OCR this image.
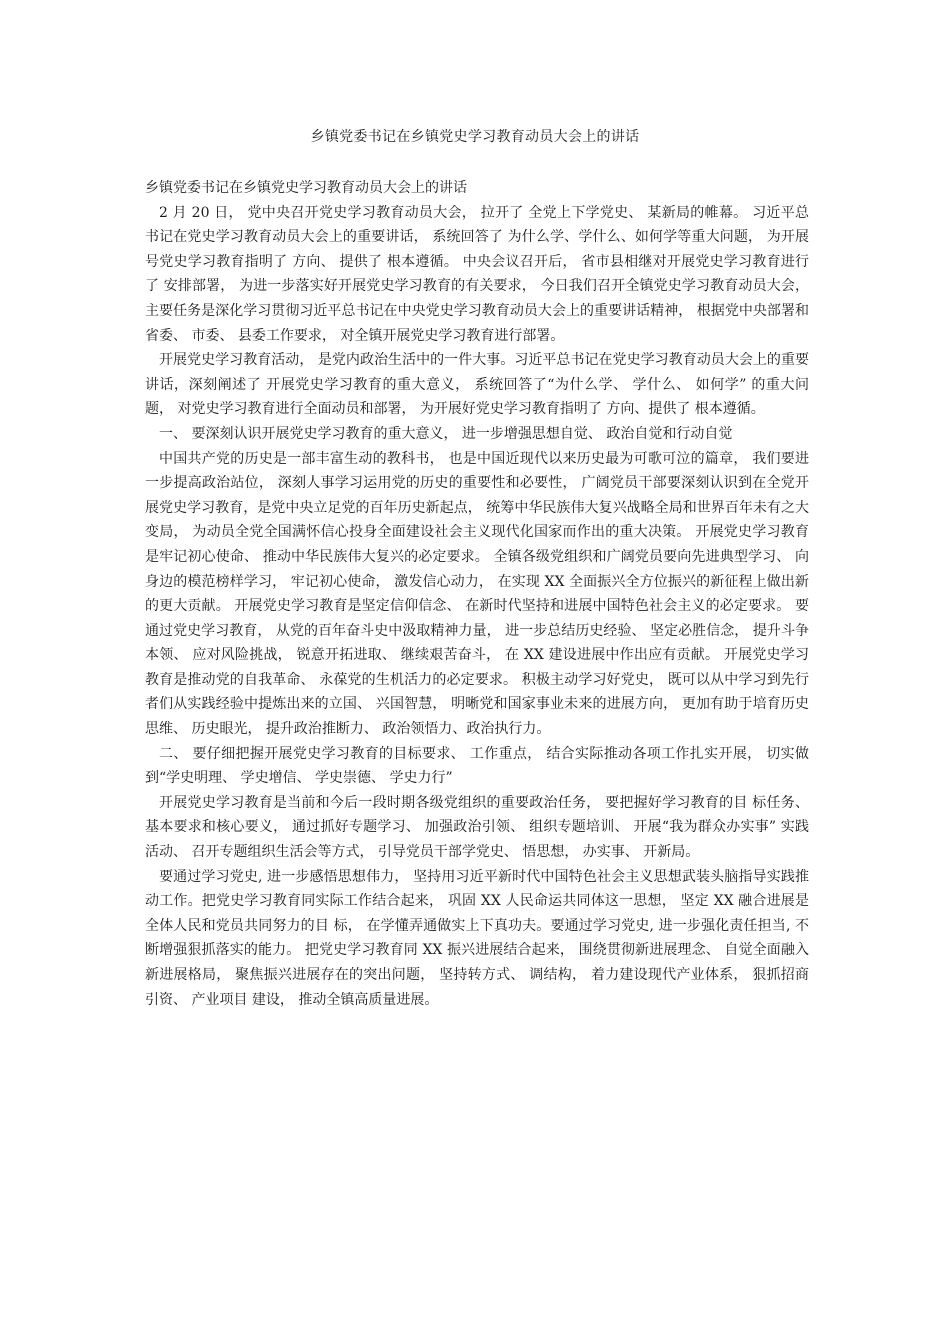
乡镇党委书记在乡镇党史学习教育动员大会上的讲话

乡镇党委书记在乡镇党史学习教育动员大会上的讲话

2 月 20 日， 党中央召开党史学习教育动员大会， 拉开了 全党上下学党史、 某新局的帷幕。 习近平总书记在党史学习教育动员大会上的重要讲话， 系统回答了 为什么学、学什么、如何学等重大问题， 为开展号党史学习教育指明了 方向、 提供了 根本遵循。 中央会议召开后， 省市县相继对开展党史学习教育进行了 安排部署， 为进一步落实好开展党史学习教育的有关要求， 今日我们召开全镇党史学习教育动员大会， 主要任务是深化学习贯彻习近平总书记在中央党史学习教育动员大会上的重要讲话精神， 根据党中央部署和省委、 市委、 县委工作要求， 对全镇开展党史学习教育进行部署。

开展党史学习教育活动， 是党内政治生活中的一件大事。习近平总书记在党史学习教育动员大会上的重要讲话，深刻阐述了 开展党史学习教育的重大意义， 系统回答了“为什么学、 学什么、 如何学” 的重大问题， 对党史学习教育进行全面动员和部署， 为开展好党史学习教育指明了 方向、提供了 根本遵循。

一、 要深刻认识开展党史学习教育的重大意义， 进一步增强思想自觉、 政治自觉和行动自觉

中国共产党的历史是一部丰富生动的教科书， 也是中国近现代以来历史最为可歌可泣的篇章， 我们要进一步提高政治站位， 深刻人事学习运用党的历史的重要性和必要性， 广阔党员干部要深刻认识到在全党开展党史学习教育，是党中央立足党的百年历史新起点， 统筹中华民族伟大复兴战略全局和世界百年未有之大变局， 为动员全党全国满怀信心投身全面建设社会主义现代化国家而作出的重大决策。 开展党史学习教育是牢记初心使命、 推动中华民族伟大复兴的必定要求。 全镇各级党组织和广阔党员要向先进典型学习、 向身边的模范榜样学习， 牢记初心使命， 激发信心动力， 在实现 XX 全面振兴全方位振兴的新征程上做出新的更大贡献。 开展党史学习教育是坚定信仰信念、 在新时代坚持和进展中国特色社会主义的必定要求。 要通过党史学习教育， 从党的百年奋斗史中汲取精神力量， 进一步总结历史经验、 坚定必胜信念， 提升斗争本领、 应对风险挑战， 锐意开拓进取、 继续艰苦奋斗， 在 XX 建设进展中作出应有贡献。 开展党史学习教育是推动党的自我革命、 永葆党的生机活力的必定要求。 积极主动学习好党史， 既可以从中学习到先行者们从实践经验中提炼出来的立国、 兴国智慧， 明晰党和国家事业未来的进展方向， 更加有助于培育历史思维、 历史眼光， 提升政治推断力、 政治领悟力、政治执行力。

二、 要仔细把握开展党史学习教育的目标要求、 工作重点， 结合实际推动各项工作扎实开展， 切实做到“学史明理、 学史增信、 学史崇德、 学史力行”

开展党史学习教育是当前和今后一段时期各级党组织的重要政治任务， 要把握好学习教育的目 标任务、 基本要求和核心要义， 通过抓好专题学习、 加强政治引领、 组织专题培训、 开展“我为群众办实事” 实践活动、 召开专题组织生活会等方式， 引导党员干部学党史、 悟思想， 办实事、 开新局。

要通过学习党史, 进一步感悟思想伟力， 坚持用习近平新时代中国特色社会主义思想武装头脑指导实践推动工作。把党史学习教育同实际工作结合起来， 巩固 XX 人民命运共同体这一思想， 坚定 XX 融合进展是全体人民和党员共同努力的目 标， 在学懂弄通做实上下真功夫。要通过学习党史, 进一步强化责任担当, 不断增强狠抓落实的能力。 把党史学习教育同 XX 振兴进展结合起来， 围绕贯彻新进展理念、 自觉全面融入新进展格局， 聚焦振兴进展存在的突出问题， 坚持转方式、 调结构， 着力建设现代产业体系， 狠抓招商引资、 产业项目 建设， 推动全镇高质量进展。
